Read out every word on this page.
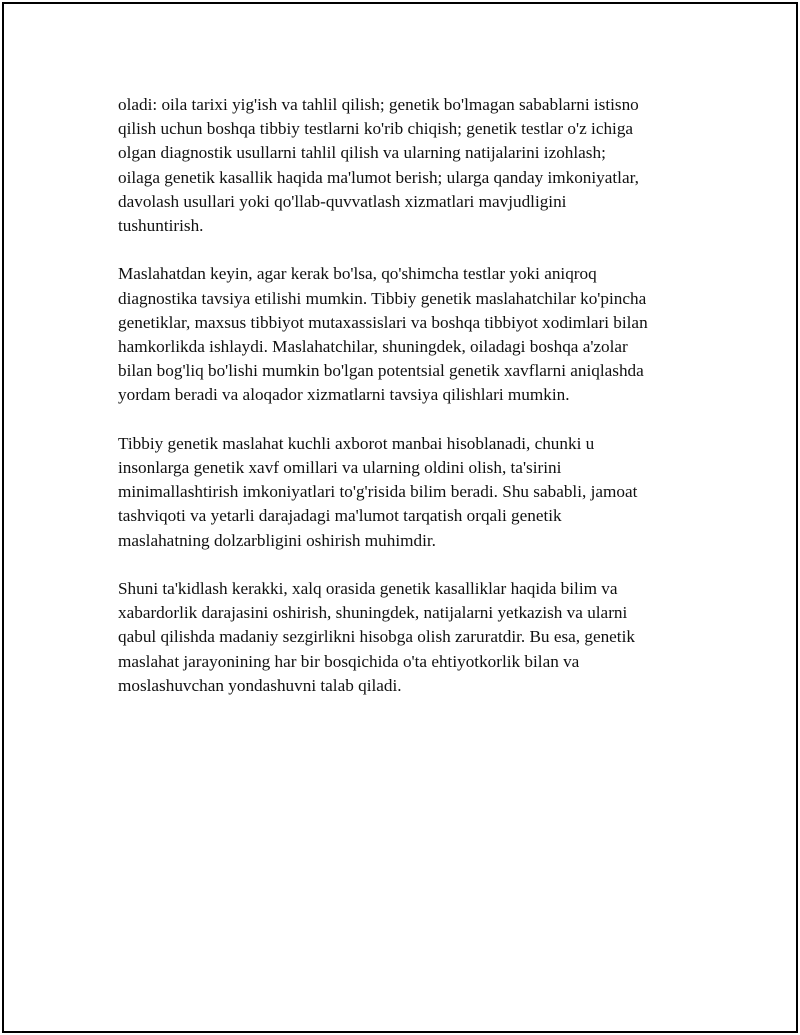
oladi: oila tarixi yig'ish va tahlil qilish; genetik bo'lmagan sabablarni istisno
qilish uchun boshqa tibbiy testlarni ko'rib chiqish; genetik testlar o'z ichiga
olgan diagnostik usullarni tahlil qilish va ularning natijalarini izohlash;
oilaga genetik kasallik haqida ma'lumot berish; ularga qanday imkoniyatlar,
davolash usullari yoki qo'llab-quvvatlash xizmatlari mavjudligini
tushuntirish.

Maslahatdan keyin, agar kerak bo'lsa, qo'shimcha testlar yoki aniqroq
diagnostika tavsiya etilishi mumkin. Tibbiy genetik maslahatchilar ko'pincha
genetiklar, maxsus tibbiyot mutaxassislari va boshqa tibbiyot xodimlari bilan
hamkorlikda ishlaydi. Maslahatchilar, shuningdek, oiladagi boshqa a'zolar
bilan bog'liq bo'lishi mumkin bo'lgan potentsial genetik xavflarni aniqlashda
yordam beradi va aloqador xizmatlarni tavsiya qilishlari mumkin.

Tibbiy genetik maslahat kuchli axborot manbai hisoblanadi, chunki u
insonlarga genetik xavf omillari va ularning oldini olish, ta'sirini
minimallashtirish imkoniyatlari to'g'risida bilim beradi. Shu sababli, jamoat
tashviqoti va yetarli darajadagi ma'lumot tarqatish orqali genetik
maslahatning dolzarbligini oshirish muhimdir.

Shuni ta'kidlash kerakki, xalq orasida genetik kasalliklar haqida bilim va
xabardorlik darajasini oshirish, shuningdek, natijalarni yetkazish va ularni
qabul qilishda madaniy sezgirlikni hisobga olish zaruratdir. Bu esa, genetik
maslahat jarayonining har bir bosqichida o'ta ehtiyotkorlik bilan va
moslashuvchan yondashuvni talab qiladi.
